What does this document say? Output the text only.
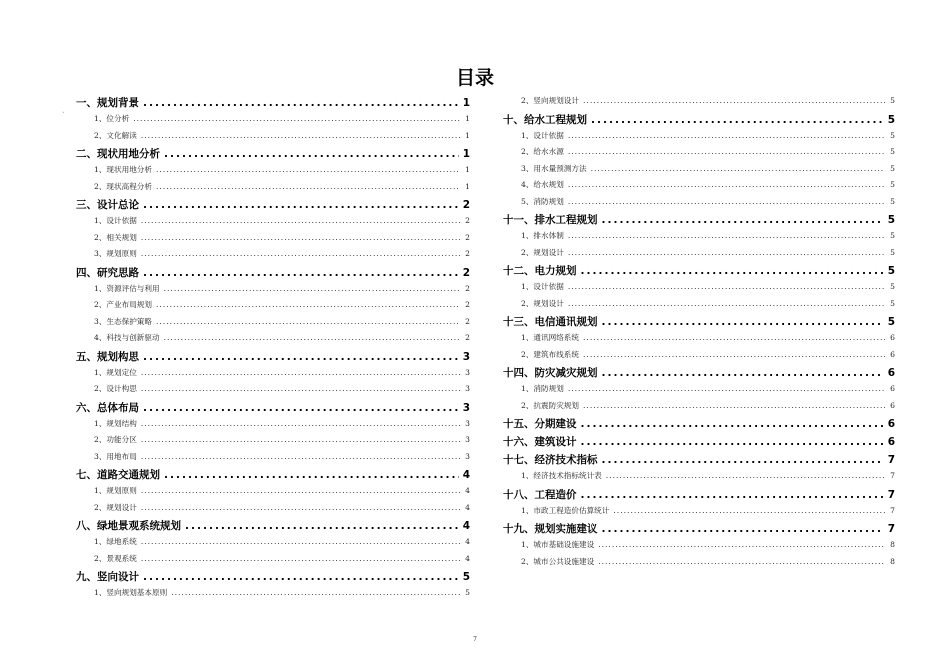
目录
`
一、规划背景 .....	1
1、位分析 .....	1
2、文化解读 .....	1
二、现状用地分析 .....	1
1、现状用地分析 .....	1
2、现状高程分析 .....	1
三、设计总论 .....	2
1、设计依据 .....	2
2、相关规划 .....	2
3、规划原则 .....	2
四、研究思路 .....	2
1、资源评估与利用 .....	2
2、产业布局规划 .....	2
3、生态保护策略 .....	2
4、科技与创新驱动 .....	2
五、规划构思 .....	3
1、规划定位 .....	3
2、设计构思 .....	3
六、总体布局 .....	3
1、规划结构 .....	3
2、功能分区 .....	3
3、用地布局 .....	3
七、道路交通规划 .....	4
1、规划原则 .....	4
2、规划设计 .....	4
八、绿地景观系统规划 .....	4
1、绿地系统 .....	4
2、景观系统 .....	4
九、竖向设计 .....	5
1、竖向规划基本原则 .....	5
2、竖向规划设计 .....	5
十、给水工程规划 .....	5
1、设计依据 .....	5
2、给水水源 .....	5
3、用水量预测方法 .....	5
4、给水规划 .....	5
5、消防规划 .....	5
十一、排水工程规划 .....	5
1、排水体制 .....	5
2、规划设计 .....	5
十二、电力规划 .....	5
1、设计依据 .....	5
2、规划设计 .....	5
十三、电信通讯规划 .....	5
1、通讯网络系统 .....	6
2、建筑布线系统 .....	6
十四、防灾减灾规划 .....	6
1、消防规划 .....	6
2、抗震防灾规划 .....	6
十五、分期建设 .....	6
十六、建筑设计 .....	6
十七、经济技术指标 .....	7
1、经济技术指标统计表 .....	7
十八、工程造价 .....	7
1、市政工程造价估算统计 .....	7
十九、规划实施建议 .....	7
1、城市基础设施建设 .....	8
2、城市公共设施建设 .....	8
7
